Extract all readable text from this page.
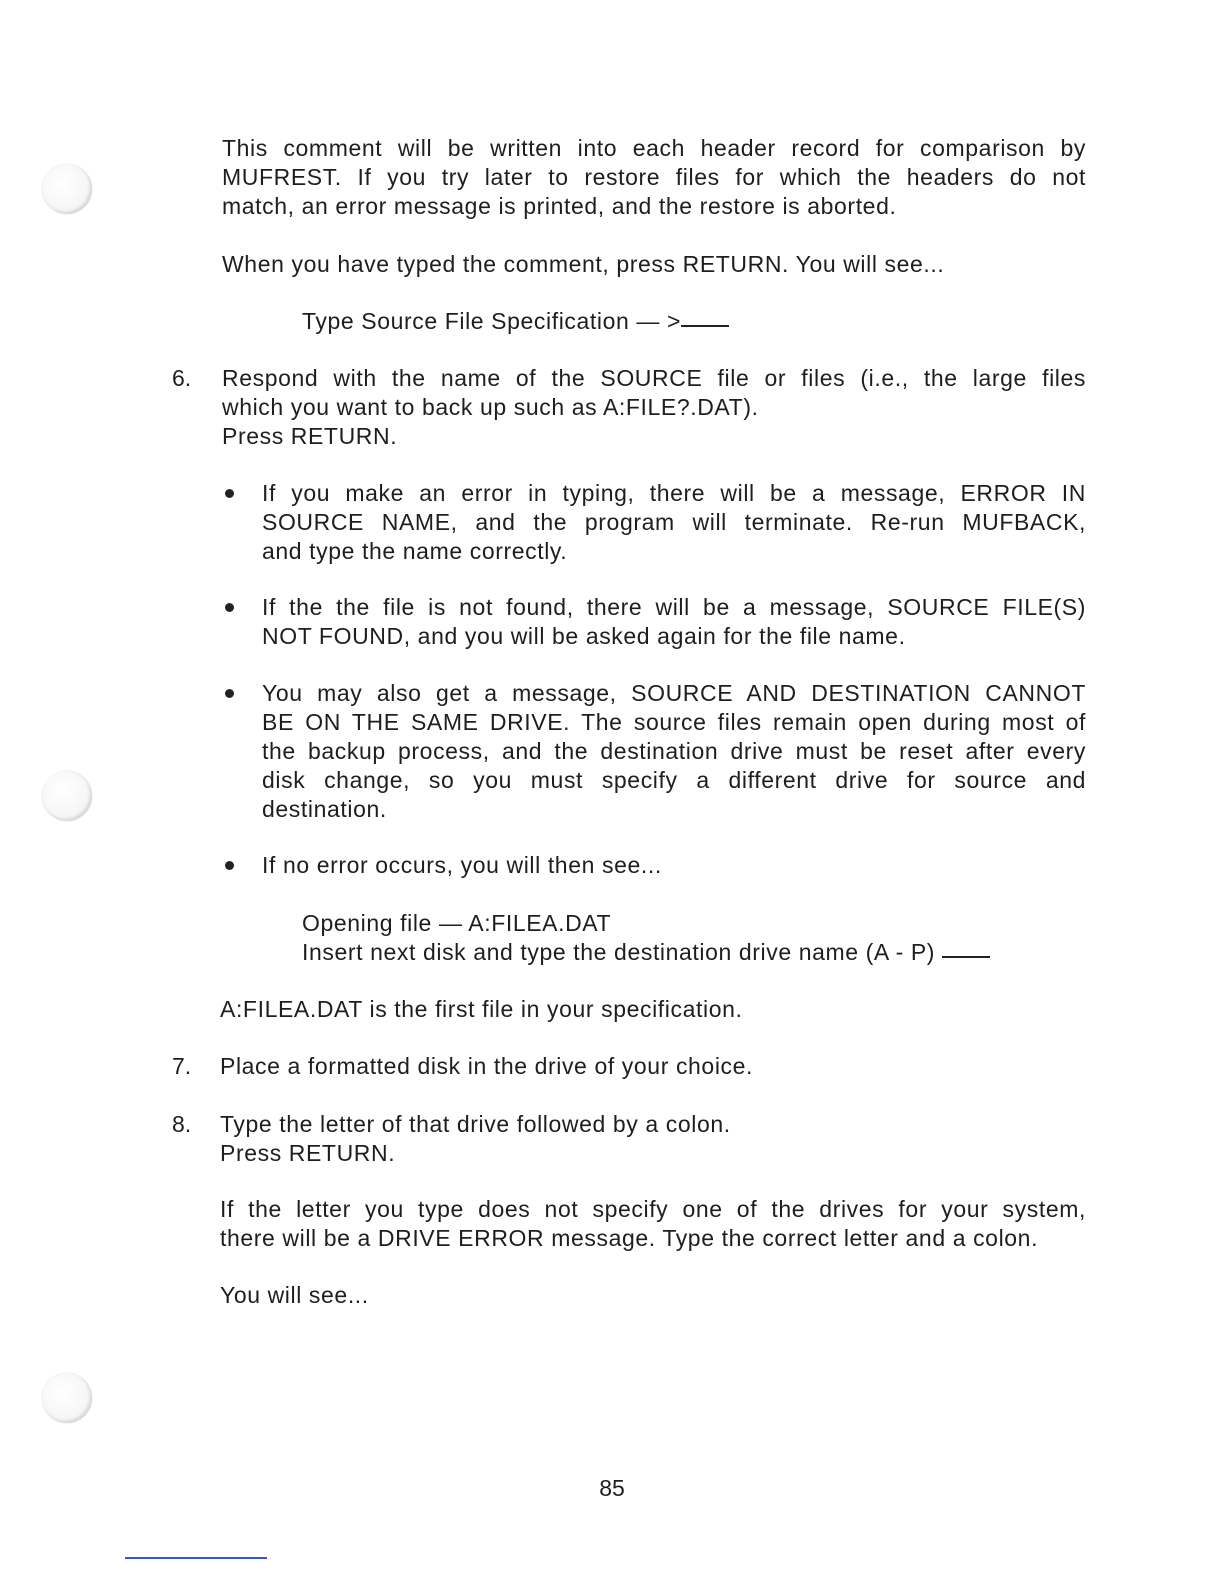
This comment will be written into each header record for comparison by
MUFREST. If you try later to restore files for which the headers do not
match, an error message is printed, and the restore is aborted.
When you have typed the comment, press RETURN. You will see...
Type Source File Specification — >
6. Respond with the name of the SOURCE file or files (i.e., the large files
which you want to back up such as A:FILE?.DAT).
Press RETURN.
If you make an error in typing, there will be a message, ERROR IN
SOURCE NAME, and the program will terminate. Re-run MUFBACK,
and type the name correctly.
If the the file is not found, there will be a message, SOURCE FILE(S)
NOT FOUND, and you will be asked again for the file name.
You may also get a message, SOURCE AND DESTINATION CANNOT
BE ON THE SAME DRIVE. The source files remain open during most of
the backup process, and the destination drive must be reset after every
disk change, so you must specify a different drive for source and
destination.
If no error occurs, you will then see...
Opening file — A:FILEA.DAT
Insert next disk and type the destination drive name (A - P)
A:FILEA.DAT is the first file in your specification.
7. Place a formatted disk in the drive of your choice.
8. Type the letter of that drive followed by a colon.
Press RETURN.
If the letter you type does not specify one of the drives for your system,
there will be a DRIVE ERROR message. Type the correct letter and a colon.
You will see...
85
